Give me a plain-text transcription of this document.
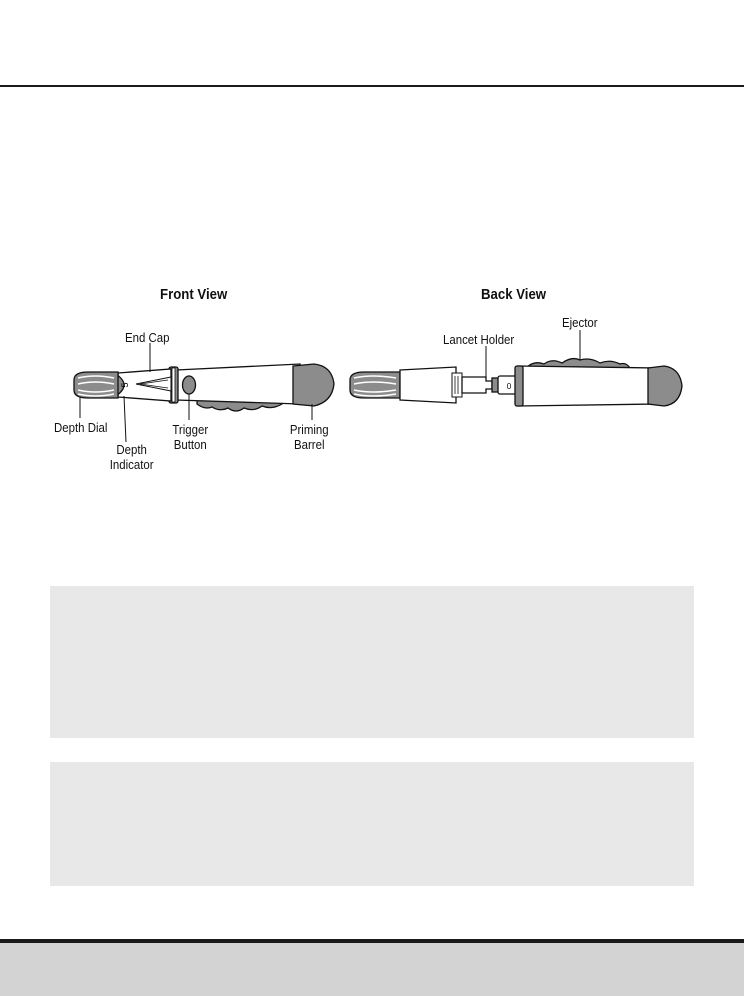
Front View	Back View
5	0
End Cap
Depth Dial
Depth
Indicator
Trigger
Button
Priming
Barrel
Lancet Holder
Ejector
